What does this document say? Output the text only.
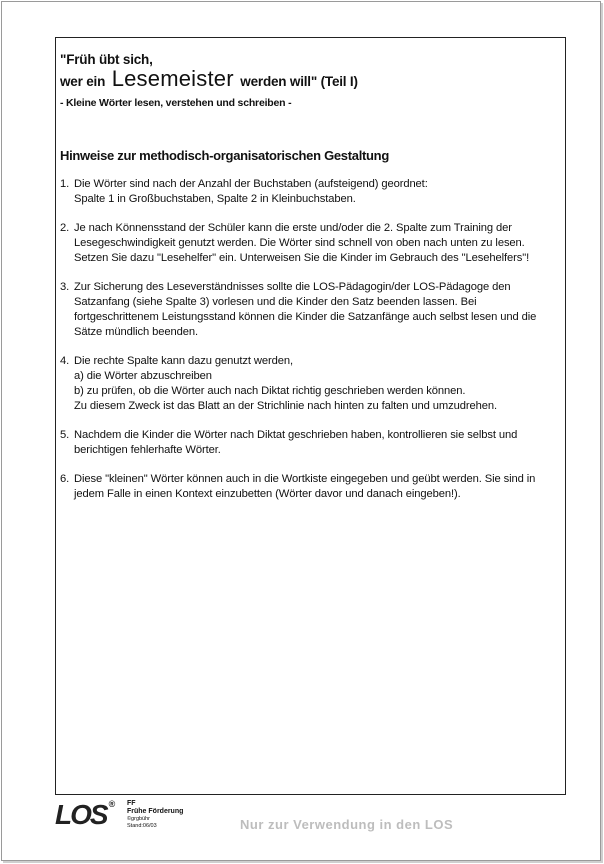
"Früh übt sich,
wer ein Lesemeister werden will" (Teil I)
- Kleine Wörter lesen, verstehen und schreiben -
Hinweise zur methodisch-organisatorischen Gestaltung
1. Die Wörter sind nach der Anzahl der Buchstaben (aufsteigend) geordnet:
Spalte 1 in Großbuchstaben, Spalte 2 in Kleinbuchstaben.
2. Je nach Könnensstand der Schüler kann die erste und/oder die 2. Spalte zum Training der Lesegeschwindigkeit genutzt werden. Die Wörter sind schnell von oben nach unten zu lesen. Setzen Sie dazu "Lesehelfer" ein. Unterweisen Sie die Kinder im Gebrauch des "Lesehelfers"!
3. Zur Sicherung des Leseverständnisses sollte die LOS-Pädagogin/der LOS-Pädagoge den Satzanfang (siehe Spalte 3) vorlesen und die Kinder den Satz beenden lassen. Bei fortgeschrittenem Leistungsstand können die Kinder die Satzanfänge auch selbst lesen und die Sätze mündlich beenden.
4. Die rechte Spalte kann dazu genutzt werden,
a) die Wörter abzuschreiben
b) zu prüfen, ob die Wörter auch nach Diktat richtig geschrieben werden können.
Zu diesem Zweck ist das Blatt an der Strichlinie nach hinten zu falten und umzudrehen.
5. Nachdem die Kinder die Wörter nach Diktat geschrieben haben, kontrollieren sie selbst und berichtigen fehlerhafte Wörter.
6. Diese "kleinen" Wörter können auch in die Wortkiste eingegeben und geübt werden. Sie sind in jedem Falle in einen Kontext einzubetten (Wörter davor und danach eingeben!).
LOS ® FF
Frühe Förderung
©grgbühr
Stand:06/03	Nur zur Verwendung in den LOS
